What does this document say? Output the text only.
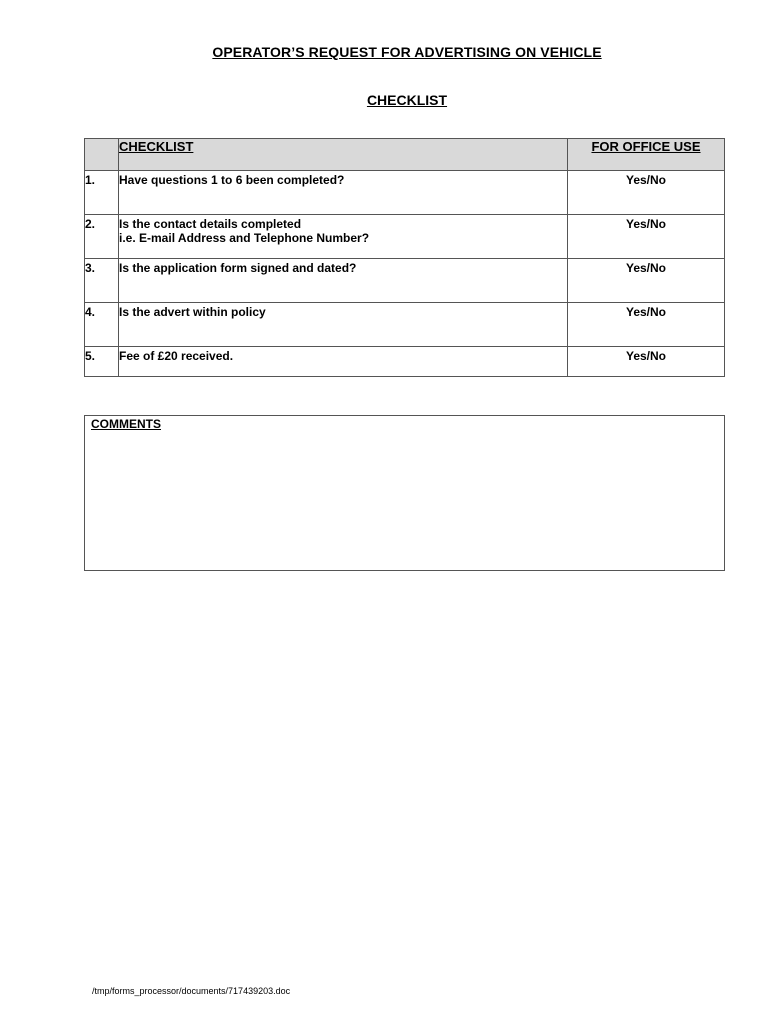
OPERATOR’S REQUEST FOR ADVERTISING ON VEHICLE
CHECKLIST
	CHECKLIST	FOR OFFICE USE
1.	Have questions 1 to 6 been completed?	Yes/No
2.	Is the contact details completed
i.e. E-mail Address and Telephone Number?	Yes/No
3.	Is the application form signed and dated?	Yes/No
4.	Is the advert within policy	Yes/No
5.	Fee of £20 received.	Yes/No
COMMENTS
/tmp/forms_processor/documents/717439203.doc
